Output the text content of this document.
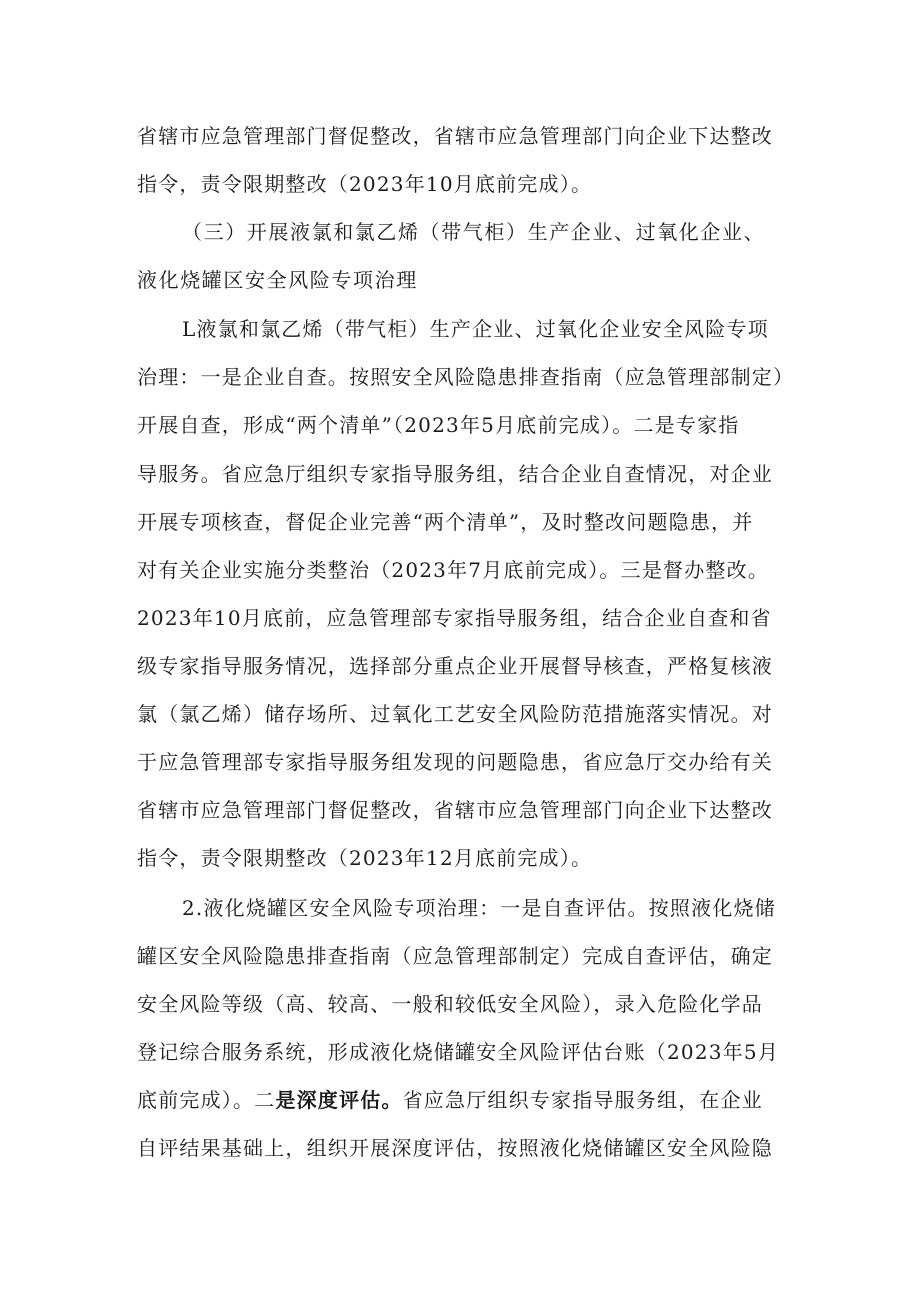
省辖市应急管理部门督促整改，省辖市应急管理部门向企业下达整改
指令，责令限期整改（2023年10月底前完成）。
（三）开展液氯和氯乙烯（带气柜）生产企业、过氧化企业、
液化烧罐区安全风险专项治理
L液氯和氯乙烯（带气柜）生产企业、过氧化企业安全风险专项
治理：一是企业自查。按照安全风险隐患排查指南（应急管理部制定）
开展自查，形成“两个清单”（2023年5月底前完成）。二是专家指
导服务。省应急厅组织专家指导服务组，结合企业自查情况，对企业
开展专项核查，督促企业完善“两个清单”，及时整改问题隐患，并
对有关企业实施分类整治（2023年7月底前完成）。三是督办整改。
2023年10月底前，应急管理部专家指导服务组，结合企业自查和省
级专家指导服务情况，选择部分重点企业开展督导核查，严格复核液
氯（氯乙烯）储存场所、过氧化工艺安全风险防范措施落实情况。对
于应急管理部专家指导服务组发现的问题隐患，省应急厅交办给有关
省辖市应急管理部门督促整改，省辖市应急管理部门向企业下达整改
指令，责令限期整改（2023年12月底前完成）。
2.液化烧罐区安全风险专项治理：一是自查评估。按照液化烧储
罐区安全风险隐患排查指南（应急管理部制定）完成自查评估，确定
安全风险等级（高、较高、一般和较低安全风险），录入危险化学品
登记综合服务系统，形成液化烧储罐安全风险评估台账（2023年5月
底前完成）。二是深度评估。省应急厅组织专家指导服务组，在企业
自评结果基础上，组织开展深度评估，按照液化烧储罐区安全风险隐
